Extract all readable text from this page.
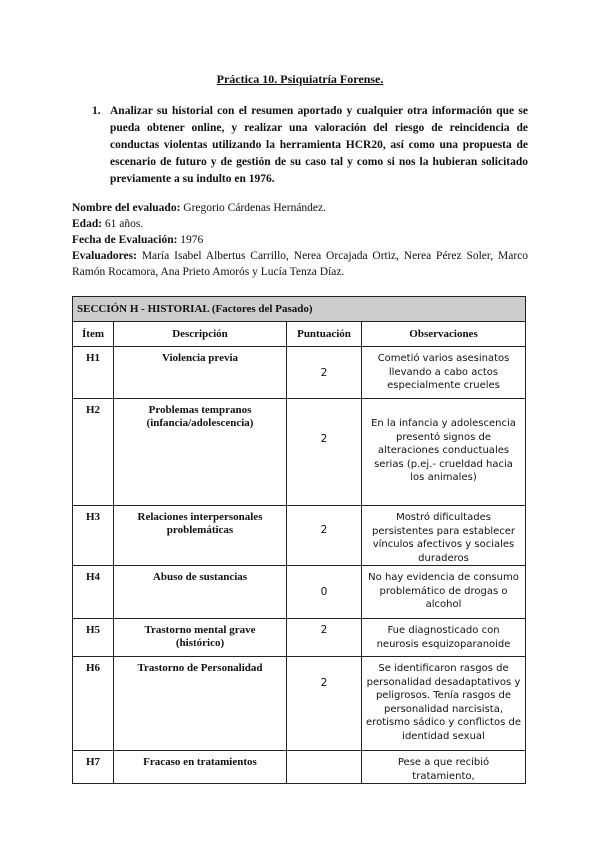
Práctica 10. Psiquiatría Forense.
1. Analizar su historial con el resumen aportado y cualquier otra información que se pueda obtener online, y realizar una valoración del riesgo de reincidencia de conductas violentas utilizando la herramienta HCR20, así como una propuesta de escenario de futuro y de gestión de su caso tal y como si nos la hubieran solicitado previamente a su indulto en 1976.
Nombre del evaluado: Gregorio Cárdenas Hernández.
Edad: 61 años.
Fecha de Evaluación: 1976
Evaluadores: María Isabel Albertus Carrillo, Nerea Orcajada Ortiz, Nerea Pérez Soler, Marco Ramón Rocamora, Ana Prieto Amorós y Lucía Tenza Díaz.
SECCIÓN H - HISTORIAL (Factores del Pasado)			
Ítem	Descripción	Puntuación	Observaciones
H1	Violencia previa	2	Cometió varios asesinatos llevando a cabo actos especialmente crueles
H2	Problemas tempranos (infancia/adolescencia)	2	En la infancia y adolescencia presentó signos de alteraciones conductuales serias (p.ej.- crueldad hacia los animales)
H3	Relaciones interpersonales problemáticas	2	Mostró dificultades persistentes para establecer vínculos afectivos y sociales duraderos
H4	Abuso de sustancias	0	No hay evidencia de consumo problemático de drogas o alcohol
H5	Trastorno mental grave (histórico)	2	Fue diagnosticado con neurosis esquizoparanoide
H6	Trastorno de Personalidad	2	Se identificaron rasgos de personalidad desadaptativos y peligrosos. Tenía rasgos de personalidad narcisista, erotismo sádico y conflictos de identidad sexual
H7	Fracaso en tratamientos		Pese a que recibió tratamiento,
